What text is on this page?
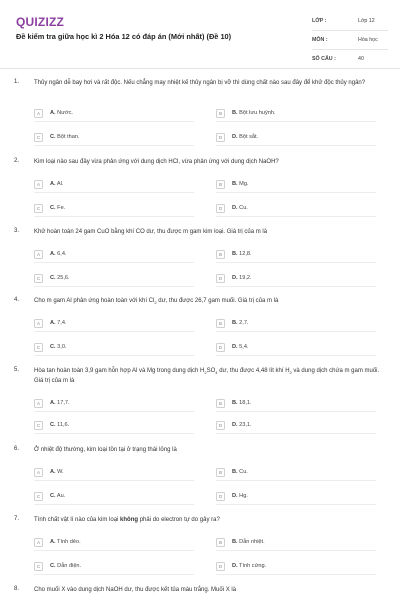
QUIZIZZ
Đề kiểm tra giữa học kì 2 Hóa 12 có đáp án (Mới nhất) (Đề 10)
LỚP :	Lớp 12
MÔN :	Hóa học
SỐ CÂU :	40
1. Thủy ngân dễ bay hơi và rất độc. Nếu chẳng may nhiệt kế thủy ngân bị vỡ thì dùng chất nào sau đây để khử độc thủy ngân?
A	A. Nước.	B	B. Bột lưu huỳnh.
C	C. Bột than.	D	D. Bột sắt.
2. Kim loại nào sau đây vừa phản ứng với dung dịch HCl, vừa phản ứng với dung dịch NaOH?
A	A. Al.	B	B. Mg.
C	C. Fe.	D	D. Cu.
3. Khử hoàn toàn 24 gam CuO bằng khí CO dư, thu được m gam kim loại. Giá trị của m là
A	A. 6,4.	B	B. 12,8.
C	C. 25,6.	D	D. 19,2.
4. Cho m gam Al phản ứng hoàn toàn với khí $Cl_2$ dư, thu được 26,7 gam muối. Giá trị của m là
A	A. 7,4.	B	B. 2,7.
C	C. 3,0.	D	D. 5,4.
5. Hòa tan hoàn toàn 3,9 gam hỗn hợp Al và Mg trong dung dịch $H_2SO_4$ dư, thu được 4,48 lít khí $H_2$ và dung dịch chứa m gam muối. Giá trị của m là
A	A. 17,7.	B	B. 18,1.
C	C. 11,6.	D	D. 23,1.
6. Ở nhiệt độ thường, kim loại tồn tại ở trạng thái lỏng là
A	A. W.	B	B. Cu.
C	C. Au.	D	D. Hg.
7. Tính chất vật lí nào của kim loại không phải do electron tự do gây ra?
A	A. Tính dẻo.	B	B. Dẫn nhiệt.
C	C. Dẫn điện.	D	D. Tính cứng.
8. Cho muối X vào dung dịch NaOH dư, thu được kết tủa màu trắng. Muối X là
